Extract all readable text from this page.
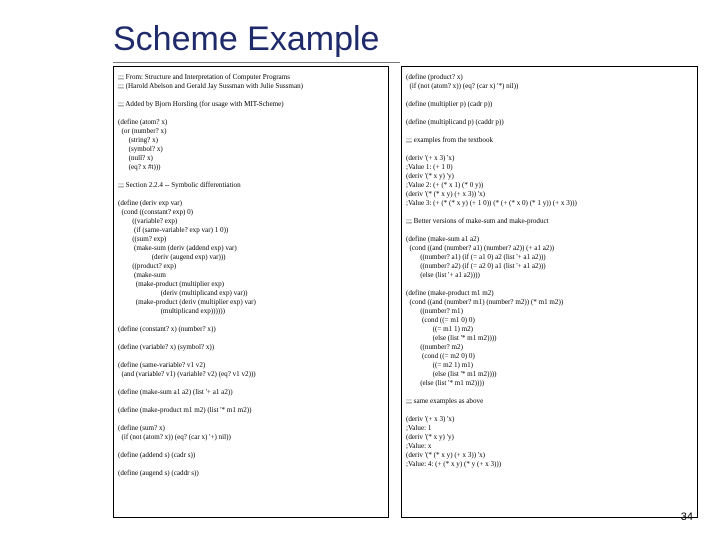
Scheme Example
;;; From: Structure and Interpretation of Computer Programs
;;; (Harold Abelson and Gerald Jay Sussman with Julie Sussman)
;;; Added by Bjorn Horsling (for usage with MIT-Scheme)
(define (atom? x)
(or (number? x)
(string? x)
(symbol? x)
(null? x)
(eq? x #t)))
;;; Section 2.2.4 -- Symbolic differentiation
(define (deriv exp var)
(cond ((constant? exp) 0)
((variable? exp)
(if (same-variable? exp var) 1 0))
((sum? exp)
(make-sum (deriv (addend exp) var)
(deriv (augend exp) var)))
((product? exp)
(make-sum
(make-product (multiplier exp)
(deriv (multiplicand exp) var))
(make-product (deriv (multiplier exp) var)
(multiplicand exp))))))
(define (constant? x) (number? x))
(define (variable? x) (symbol? x))
(define (same-variable? v1 v2)
(and (variable? v1) (variable? v2) (eq? v1 v2)))
(define (make-sum a1 a2) (list '+ a1 a2))
(define (make-product m1 m2) (list '* m1 m2))
(define (sum? x)
(if (not (atom? x)) (eq? (car x) '+) nil))
(define (addend s) (cadr s))
(define (augend s) (caddr s))
(define (product? x)
(if (not (atom? x)) (eq? (car x) '*) nil))
(define (multiplier p) (cadr p))
(define (multiplicand p) (caddr p))
;;; examples from the textbook
(deriv '(+ x 3) 'x)
;Value 1: (+ 1 0)
(deriv '(* x y) 'y)
;Value 2: (+ (* x 1) (* 0 y))
(deriv '(* (* x y) (+ x 3)) 'x)
;Value 3: (+ (* (* x y) (+ 1 0)) (* (+ (* x 0) (* 1 y)) (+ x 3)))
;;; Better versions of make-sum and make-product
(define (make-sum a1 a2)
(cond ((and (number? a1) (number? a2)) (+ a1 a2))
((number? a1) (if (= a1 0) a2 (list '+ a1 a2)))
((number? a2) (if (= a2 0) a1 (list '+ a1 a2)))
(else (list '+ a1 a2))))
(define (make-product m1 m2)
(cond ((and (number? m1) (number? m2)) (* m1 m2))
((number? m1)
(cond ((= m1 0) 0)
((= m1 1) m2)
(else (list '* m1 m2))))
((number? m2)
(cond ((= m2 0) 0)
((= m2 1) m1)
(else (list '* m1 m2))))
(else (list '* m1 m2))))
;;; same examples as above
(deriv '(+ x 3) 'x)
;Value: 1
(deriv '(* x y) 'y)
;Value: x
(deriv '(* (* x y) (+ x 3)) 'x)
;Value: 4: (+ (* x y) (* y (+ x 3)))
34
